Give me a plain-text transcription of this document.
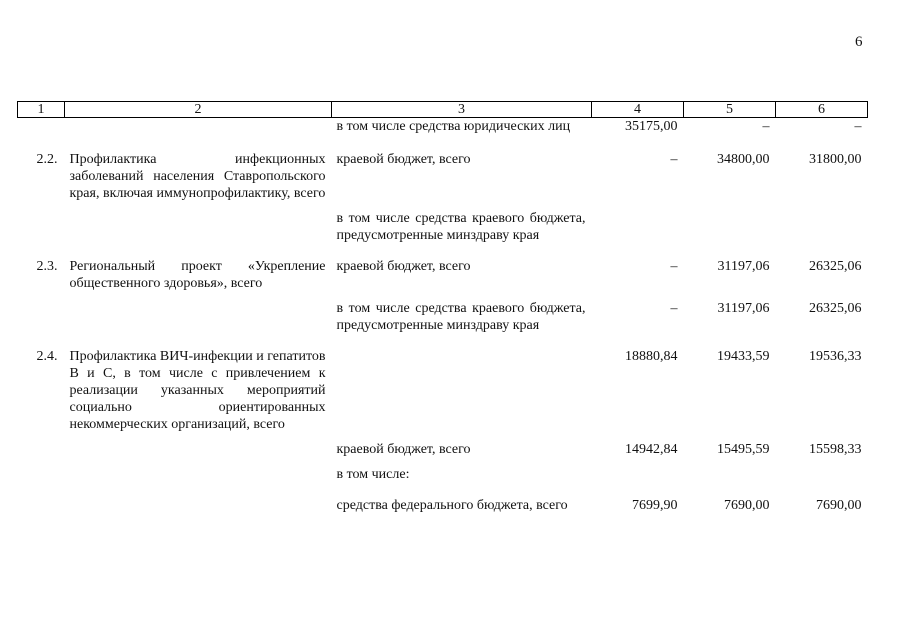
6
1	2	3	4	5	6
		в том числе средства юридических лиц	35175,00	–	–

2.2.	Профилактика инфекционных заболеваний населения Ставропольского края, включая иммунопрофилактику, всего	краевой бюджет, всего	–	34800,00	31800,00

		в том числе средства краевого бюджета, предусмотренные минздраву края			

2.3.	Региональный проект «Укрепление общественного здоровья», всего	краевой бюджет, всего	–	31197,06	26325,06

		в том числе средства краевого бюджета, предусмотренные минздраву края	–	31197,06	26325,06

2.4.	Профилактика ВИЧ-инфекции и гепатитов В и С, в том числе с привлечением к реализации указанных мероприятий социально ориентированных некоммерческих организаций, всего		18880,84	19433,59	19536,33

		краевой бюджет, всего	14942,84	15495,59	15598,33

		в том числе:			

		средства федерального бюджета, всего	7699,90	7690,00	7690,00
